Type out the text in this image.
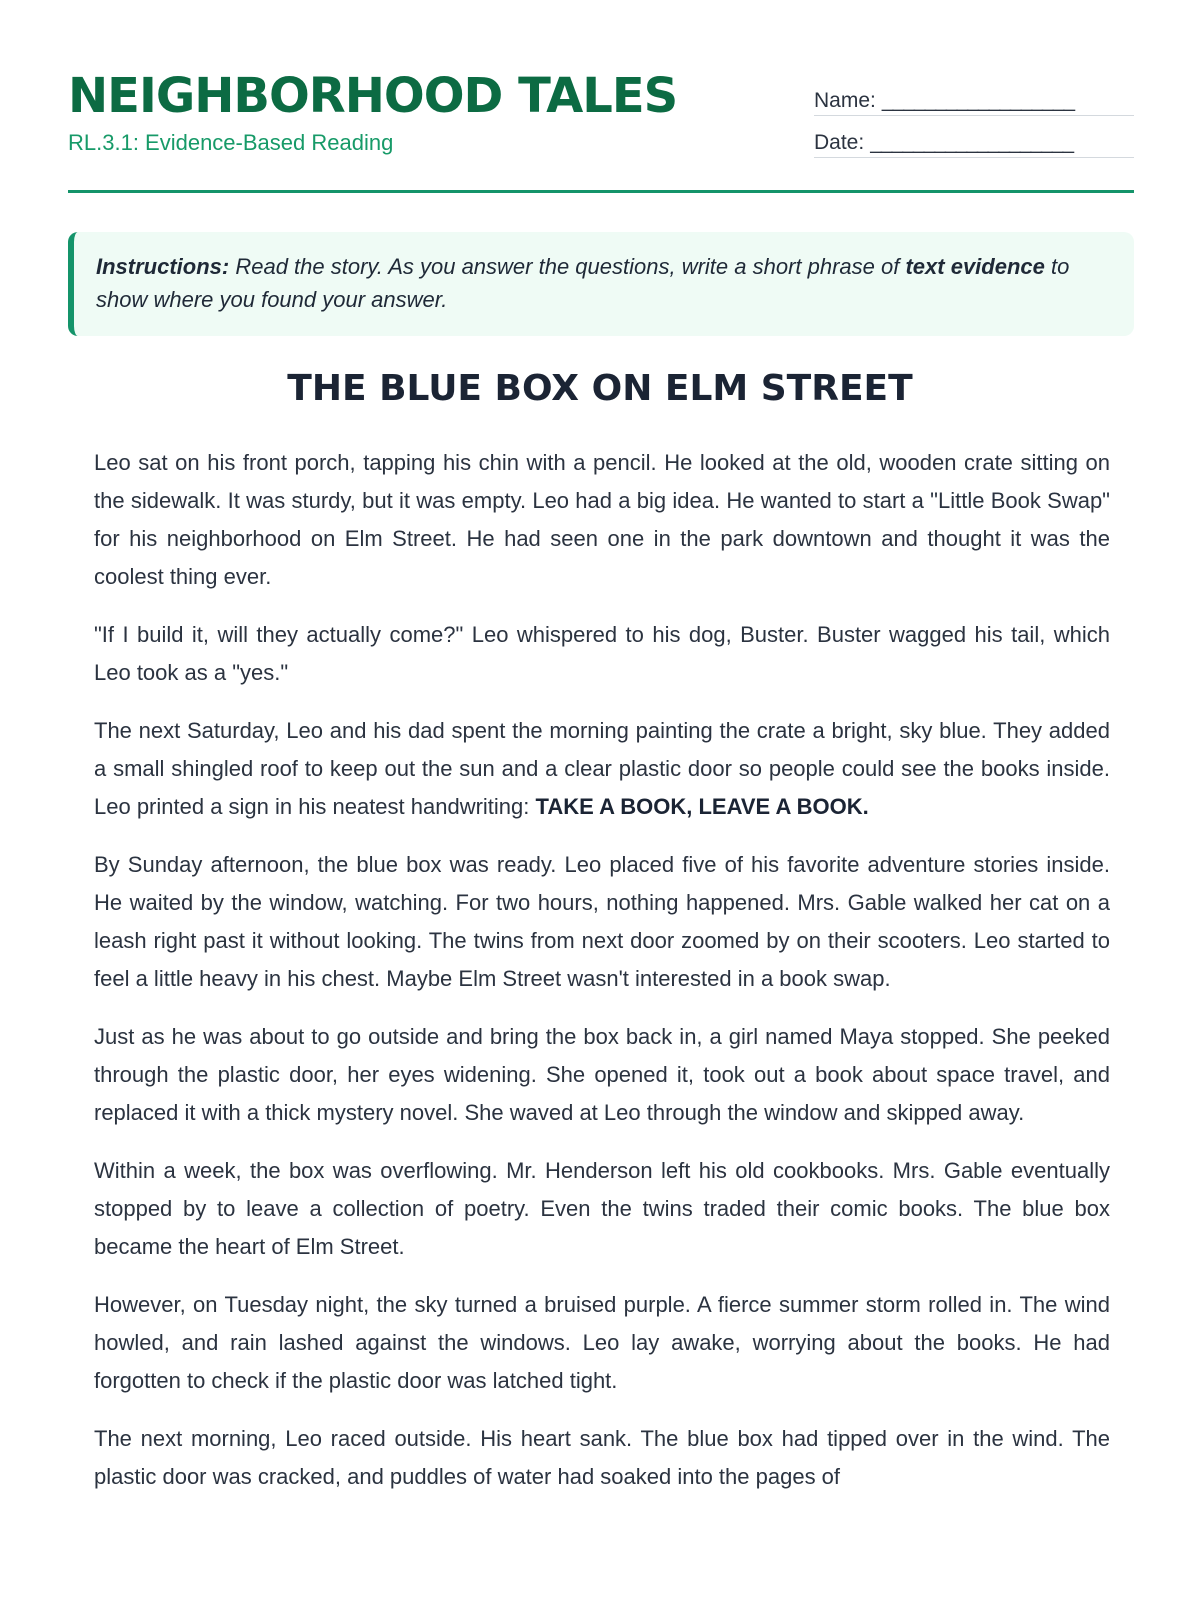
NEIGHBORHOOD TALES
RL.3.1: Evidence-Based Reading
Name: __________________
Date: ___________________
Instructions: Read the story. As you answer the questions, write a short phrase of text evidence to show where you found your answer.
THE BLUE BOX ON ELM STREET

Leo sat on his front porch, tapping his chin with a pencil. He looked at the old, wooden crate sitting on the sidewalk. It was sturdy, but it was empty. Leo had a big idea. He wanted to start a "Little Book Swap" for his neighborhood on Elm Street. He had seen one in the park downtown and thought it was the coolest thing ever.

"If I build it, will they actually come?" Leo whispered to his dog, Buster. Buster wagged his tail, which Leo took as a "yes."

The next Saturday, Leo and his dad spent the morning painting the crate a bright, sky blue. They added a small shingled roof to keep out the sun and a clear plastic door so people could see the books inside. Leo printed a sign in his neatest handwriting: TAKE A BOOK, LEAVE A BOOK.

By Sunday afternoon, the blue box was ready. Leo placed five of his favorite adventure stories inside. He waited by the window, watching. For two hours, nothing happened. Mrs. Gable walked her cat on a leash right past it without looking. The twins from next door zoomed by on their scooters. Leo started to feel a little heavy in his chest. Maybe Elm Street wasn't interested in a book swap.

Just as he was about to go outside and bring the box back in, a girl named Maya stopped. She peeked through the plastic door, her eyes widening. She opened it, took out a book about space travel, and replaced it with a thick mystery novel. She waved at Leo through the window and skipped away.

Within a week, the box was overflowing. Mr. Henderson left his old cookbooks. Mrs. Gable eventually stopped by to leave a collection of poetry. Even the twins traded their comic books. The blue box became the heart of Elm Street.

However, on Tuesday night, the sky turned a bruised purple. A fierce summer storm rolled in. The wind howled, and rain lashed against the windows. Leo lay awake, worrying about the books. He had forgotten to check if the plastic door was latched tight.

The next morning, Leo raced outside. His heart sank. The blue box had tipped over in the wind. The plastic door was cracked, and puddles of water had soaked into the pages of
